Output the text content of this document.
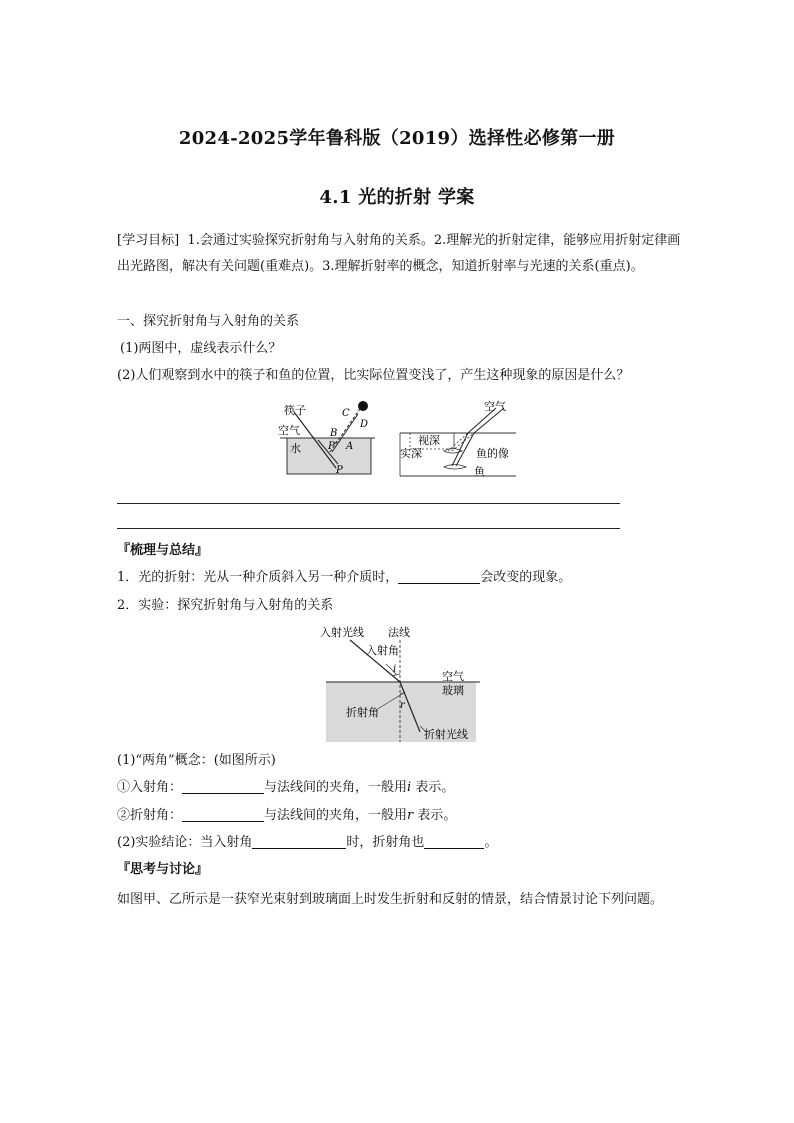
2024-2025学年鲁科版（2019）选择性必修第一册
4.1 光的折射 学案
[学习目标] 1.会通过实验探究折射角与入射角的关系。2.理解光的折射定律，能够应用折射定律画出光路图，解决有关问题(重难点)。3.理解折射率的概念，知道折射率与光速的关系(重点)。
一、探究折射角与入射角的关系
(1)两图中，虚线表示什么？
(2)人们观察到水中的筷子和鱼的位置，比实际位置变浅了，产生这种现象的原因是什么？
筷子
空气
水
C
D
B
P′ A
P
空气
视深
实深	鱼的像
鱼
『梳理与总结』
1．光的折射：光从一种介质斜入另一种介质时，	会改变的现象。
2．实验：探究折射角与入射角的关系
入射光线 法线
入射角
i
空气
玻璃
折射角
r
折射光线
(1)“两角”概念：(如图所示)
①入射角：	与法线间的夹角，一般用i 表示。
②折射角：	与法线间的夹角，一般用r 表示。
(2)实验结论：当入射角	时，折射角也	。
『思考与讨论』
如图甲、乙所示是一获窄光束射到玻璃面上时发生折射和反射的情景，结合情景讨论下列问题。
